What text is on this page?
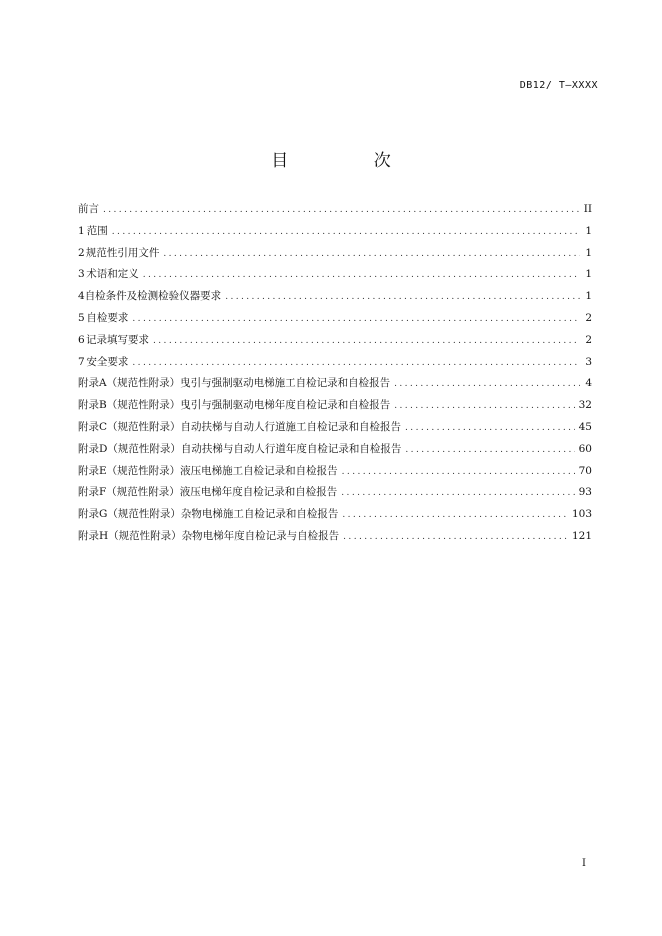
DB12/ T—XXXX
目 次
前言 .....	II
1 范围 .....	1
2 规范性引用文件 .....	1
3 术语和定义 .....	1
4 自检条件及检测检验仪器要求 .....	1
5 自检要求 .....	2
6 记录填写要求 .....	2
7 安全要求 .....	3
附录A（规范性附录） 曳引与强制驱动电梯施工自检记录和自检报告 .....	4
附录B（规范性附录） 曳引与强制驱动电梯年度自检记录和自检报告 .....	32
附录C（规范性附录） 自动扶梯与自动人行道施工自检记录和自检报告 .....	45
附录D（规范性附录） 自动扶梯与自动人行道年度自检记录和自检报告 .....	60
附录E（规范性附录） 液压电梯施工自检记录和自检报告 .....	70
附录F（规范性附录） 液压电梯年度自检记录和自检报告 .....	93
附录G（规范性附录） 杂物电梯施工自检记录和自检报告 .....	103
附录H（规范性附录） 杂物电梯年度自检记录与自检报告 .....	121
I
